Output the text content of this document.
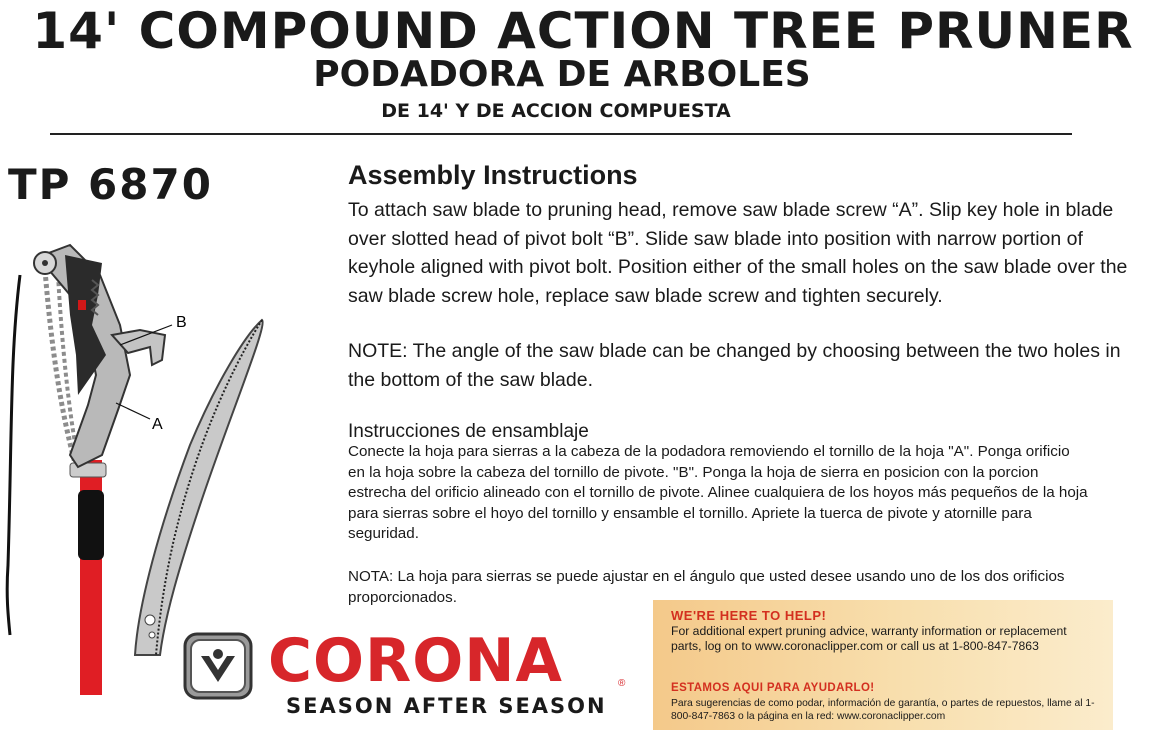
14' COMPOUND ACTION TREE PRUNER
PODADORA DE ARBOLES
DE 14' Y DE ACCION COMPUESTA
TP 6870
B
A
Assembly Instructions
To attach saw blade to pruning head, remove saw blade screw “A”. Slip key hole in blade over slotted head of pivot bolt “B”. Slide saw blade into position with narrow portion of keyhole aligned with pivot bolt. Position either of the small holes on the saw blade over the saw blade screw hole, replace saw blade screw and tighten securely.
NOTE: The angle of the saw blade can be changed by choosing between the two holes in the bottom of the saw blade.
Instrucciones de ensamblaje
Conecte la hoja para sierras a la cabeza de la podadora removiendo el tornillo de la hoja "A". Ponga orificio en la hoja sobre la cabeza del tornillo de pivote. "B". Ponga la hoja de sierra en posicion con la porcion estrecha del orificio alineado con el tornillo de pivote. Alinee cualquiera de los hoyos más pequeños de la hoja para sierras sobre el hoyo del tornillo y ensamble el tornillo. Apriete la tuerca de pivote y atornille para seguridad.
NOTA: La hoja para sierras se puede ajustar en el ángulo que usted desee usando uno de los dos orificios proporcionados.
WE'RE HERE TO HELP!
For additional expert pruning advice, warranty information or replacement parts, log on to www.coronaclipper.com or call us at 1-800-847-7863
ESTAMOS AQUI PARA AYUDARLO!
Para sugerencias de como podar, información de garantía, o partes de repuestos, llame al 1-800-847-7863 o la página en la red: www.coronaclipper.com
CORONA	®
SEASON AFTER SEASON
